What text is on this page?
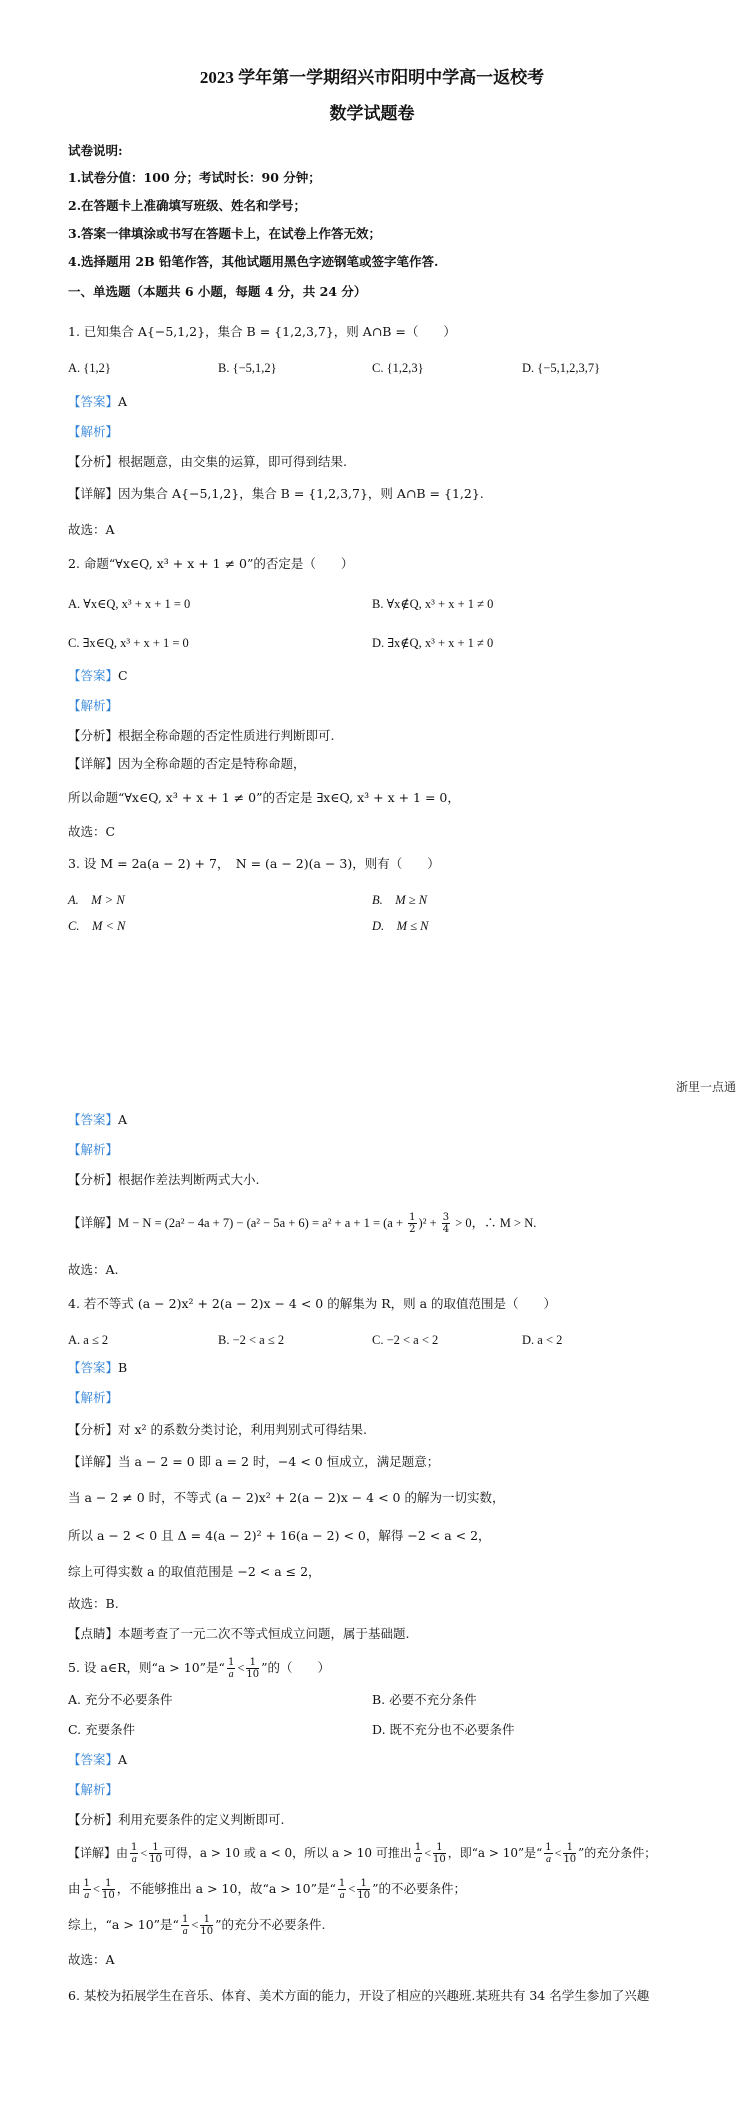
2023 学年第一学期绍兴市阳明中学高一返校考
数学试题卷
试卷说明:
1.试卷分值：100 分；考试时长：90 分钟；
2.在答题卡上准确填写班级、姓名和学号；
3.答案一律填涂或书写在答题卡上，在试卷上作答无效；
4.选择题用 2B 铅笔作答，其他试题用黑色字迹钢笔或签字笔作答.
一、单选题（本题共 6 小题，每题 4 分，共 24 分）
1. 已知集合 A{−5,1,2}，集合 B = {1,2,3,7}，则 A∩B =（　　）
A. {1,2}	B. {−5,1,2}	C. {1,2,3}	D. {−5,1,2,3,7}
【答案】A
【解析】
【分析】根据题意，由交集的运算，即可得到结果.
【详解】因为集合 A{−5,1,2}，集合 B = {1,2,3,7}，则 A∩B = {1,2}.
故选：A
2. 命题“∀x∈Q, x³ + x + 1 ≠ 0”的否定是（　　）
A. ∀x∈Q, x³ + x + 1 = 0	B. ∀x∉Q, x³ + x + 1 ≠ 0
C. ∃x∈Q, x³ + x + 1 = 0	D. ∃x∉Q, x³ + x + 1 ≠ 0
【答案】C
【解析】
【分析】根据全称命题的否定性质进行判断即可.
【详解】因为全称命题的否定是特称命题，
所以命题“∀x∈Q, x³ + x + 1 ≠ 0”的否定是 ∃x∈Q, x³ + x + 1 = 0，
故选：C
3. 设 M = 2a(a − 2) + 7，　N = (a − 2)(a − 3)，则有（　　）
A.　M > N	B.　M ≥ N
C.　M < N	D.　M ≤ N
浙里一点通
【答案】A
【解析】
【分析】根据作差法判断两式大小.
【详解】$M - N = (2a^2 - 4a + 7) - (a^2 - 5a + 6) = a^2 + a + 1 = (a + \frac{1}{2} )^2 + \frac{3}{4} > 0$，∴ M > N.
故选：A.
4. 若不等式 (a − 2)x² + 2(a − 2)x − 4 < 0 的解集为 R，则 a 的取值范围是（　　）
A. a ≤ 2	B. −2 < a ≤ 2	C. −2 < a < 2	D. a < 2
【答案】B
【解析】
【分析】对 x² 的系数分类讨论，利用判别式可得结果.
【详解】当 a − 2 = 0 即 a = 2 时，−4 < 0 恒成立，满足题意；
当 a − 2 ≠ 0 时，不等式 (a − 2)x² + 2(a − 2)x − 4 < 0 的解为一切实数，
所以 a − 2 < 0 且 Δ = 4(a − 2)² + 16(a − 2) < 0，解得 −2 < a < 2，
综上可得实数 a 的取值范围是 −2 < a ≤ 2，
故选：B.
【点睛】本题考查了一元二次不等式恒成立问题，属于基础题.
5. 设 a∈R，则“a > 10”是“ $\frac{1}{a} < \frac{1}{10}$ ”的（　　）
A. 充分不必要条件	B. 必要不充分条件
C. 充要条件	D. 既不充分也不必要条件
【答案】A
【解析】
【分析】利用充要条件的定义判断即可.
【详解】由 $\frac{1}{a} < \frac{1}{10}$ 可得，a > 10 或 a < 0，所以 a > 10 可推出 $\frac{1}{a} < \frac{1}{10}$ ，即“a > 10”是“ $\frac{1}{a} < \frac{1}{10}$ ”的充分条件；
由 $\frac{1}{a} < \frac{1}{10}$ ，不能够推出 a > 10，故“a > 10”是“ $\frac{1}{a} < \frac{1}{10}$ ”的不必要条件；
综上，“a > 10”是“ $\frac{1}{a} < \frac{1}{10}$ ”的充分不必要条件.
故选：A
6. 某校为拓展学生在音乐、体育、美术方面的能力，开设了相应的兴趣班.某班共有 34 名学生参加了兴趣
